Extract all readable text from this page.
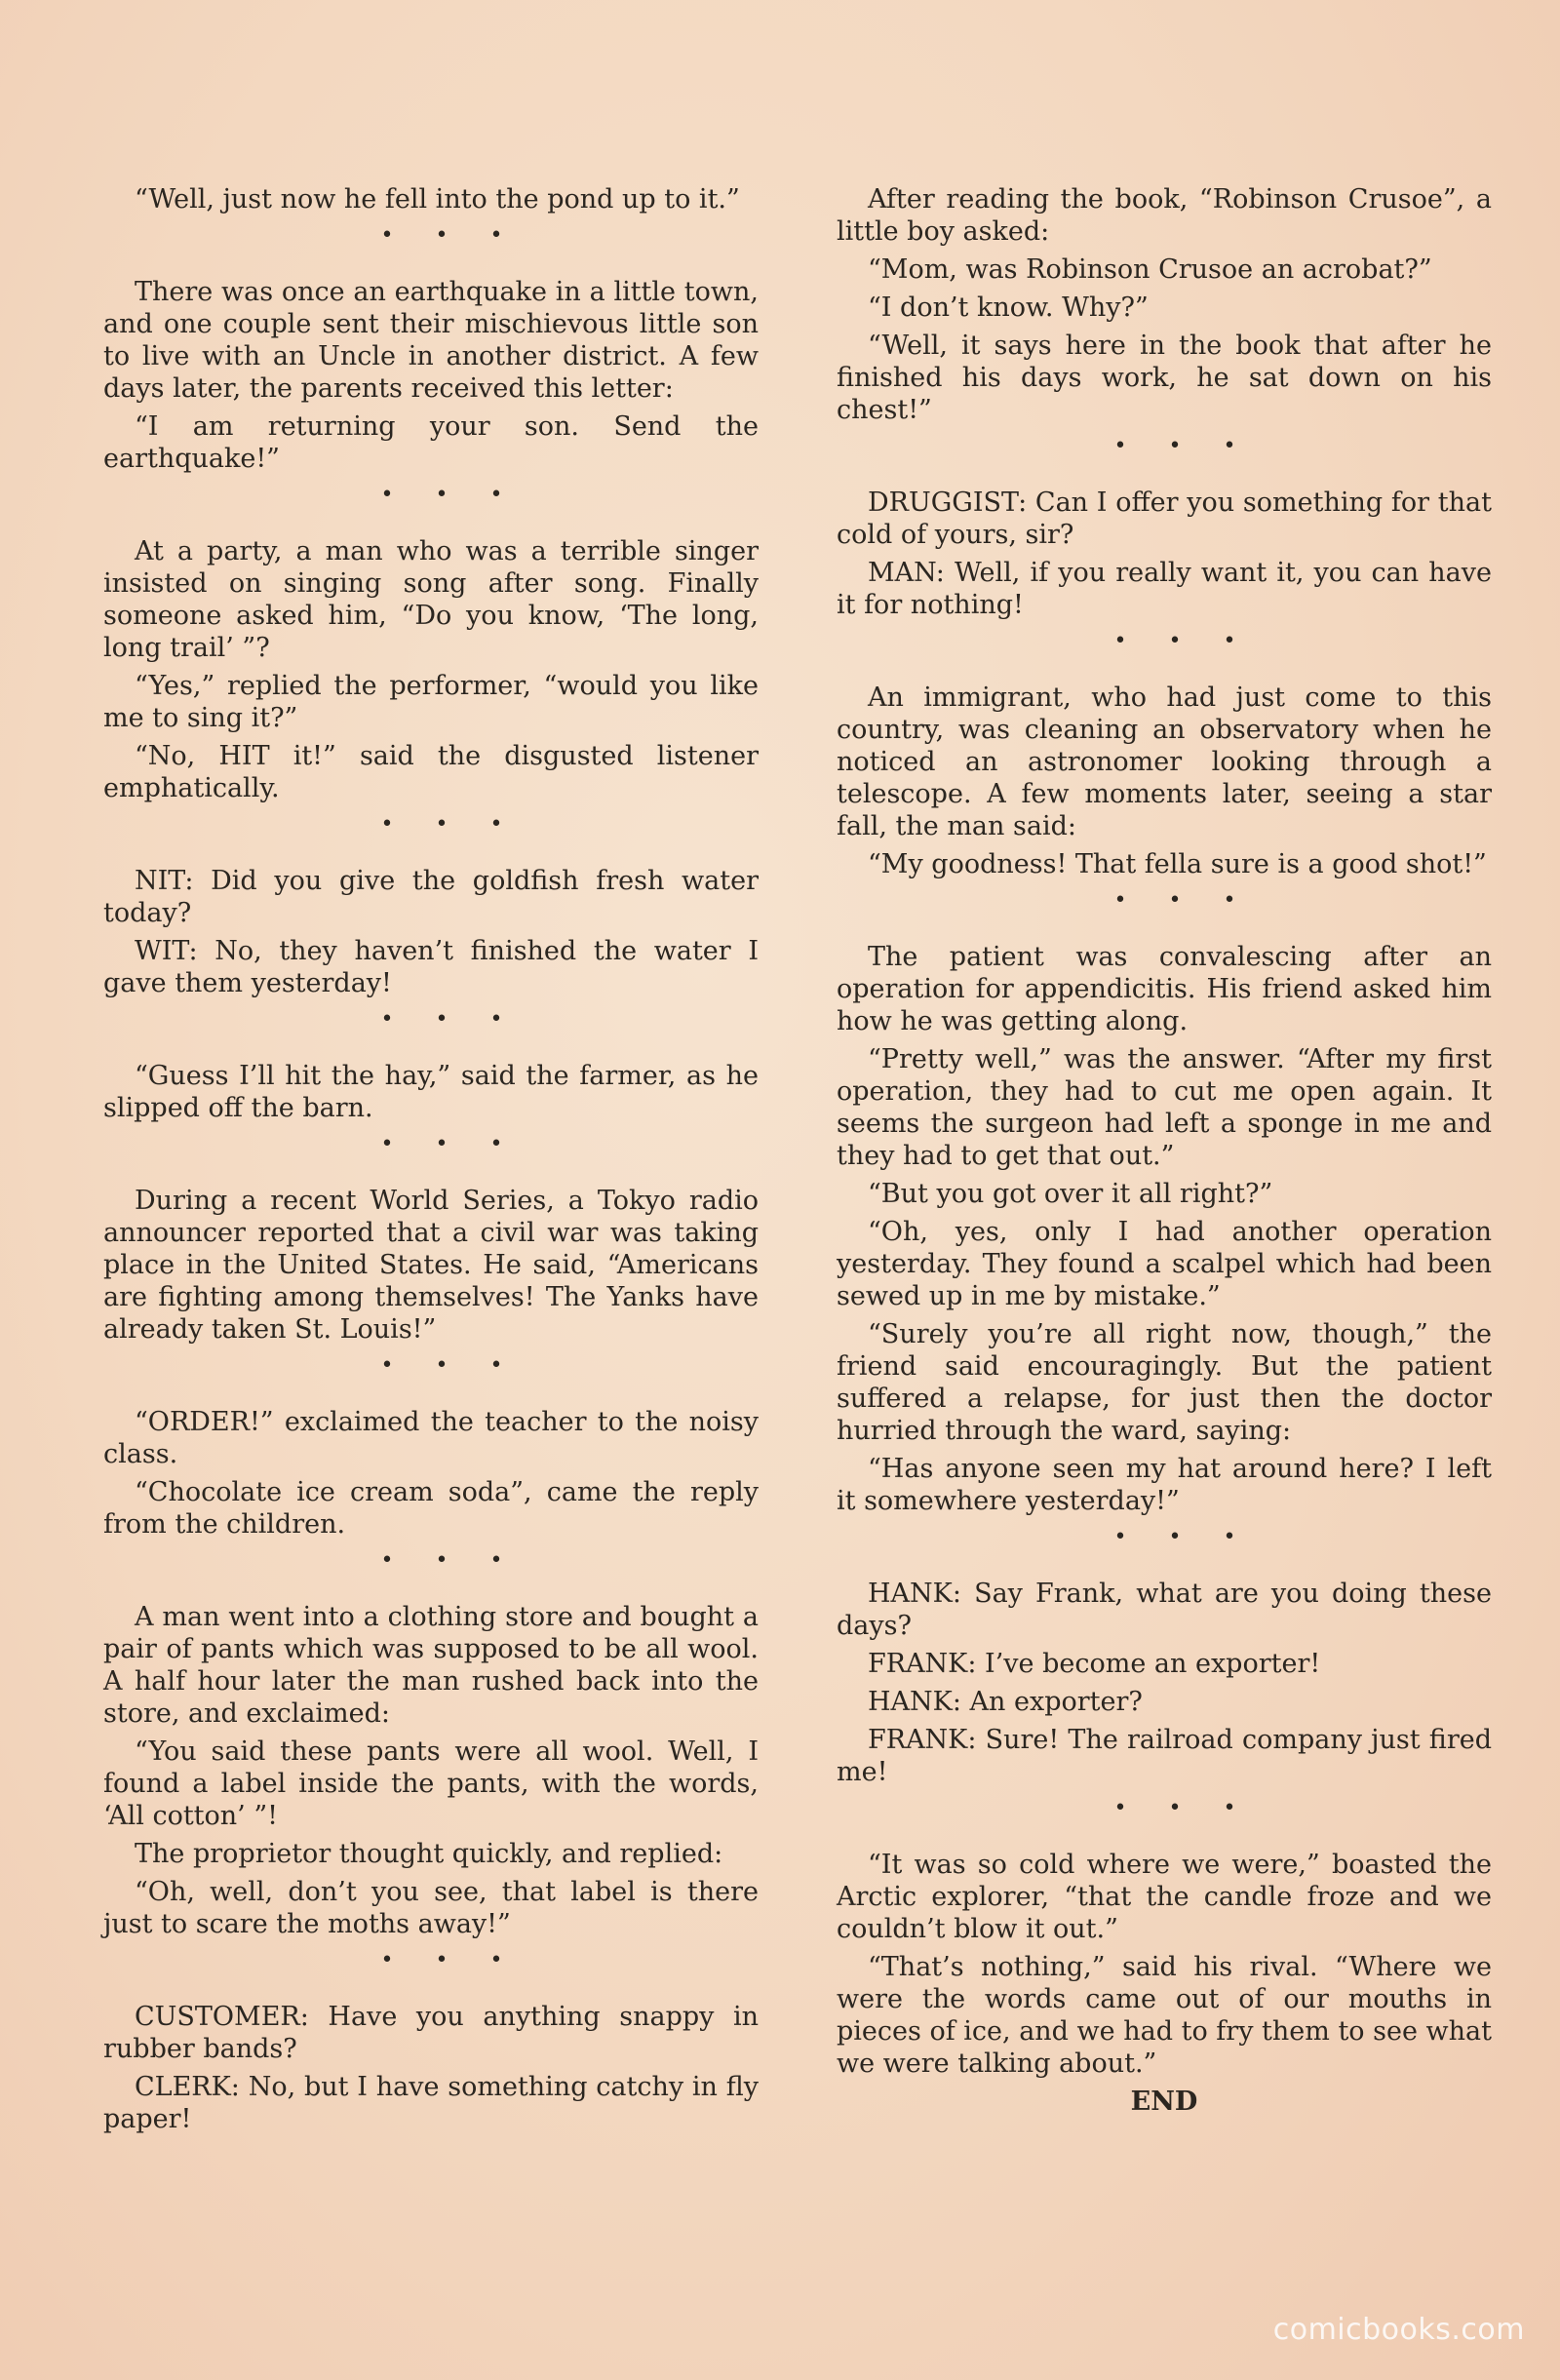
“Well, just now he fell into the pond up to it.”

• • •

There was once an earthquake in a little town, and one couple sent their mischievous little son to live with an Uncle in another district. A few days later, the parents received this letter:

“I am returning your son. Send the earthquake!”

• • •

At a party, a man who was a terrible singer insisted on singing song after song. Finally someone asked him, “Do you know, ‘The long, long trail’ ”?

“Yes,” replied the performer, “would you like me to sing it?”

“No, HIT it!” said the disgusted listener emphatically.

• • •

NIT: Did you give the goldfish fresh water today?

WIT: No, they haven’t finished the water I gave them yesterday!

• • •

“Guess I’ll hit the hay,” said the farmer, as he slipped off the barn.

• • •

During a recent World Series, a Tokyo radio announcer reported that a civil war was taking place in the United States. He said, “Americans are fighting among themselves! The Yanks have already taken St. Louis!”

• • •

“ORDER!” exclaimed the teacher to the noisy class.

“Chocolate ice cream soda”, came the reply from the children.

• • •

A man went into a clothing store and bought a pair of pants which was supposed to be all wool. A half hour later the man rushed back into the store, and exclaimed:

“You said these pants were all wool. Well, I found a label inside the pants, with the words, ‘All cotton’ ”!

The proprietor thought quickly, and replied:

“Oh, well, don’t you see, that label is there just to scare the moths away!”

• • •

CUSTOMER: Have you anything snappy in rubber bands?

CLERK: No, but I have something catchy in fly paper!

After reading the book, “Robinson Crusoe”, a little boy asked:

“Mom, was Robinson Crusoe an acrobat?”

“I don’t know. Why?”

“Well, it says here in the book that after he finished his days work, he sat down on his chest!”

• • •

DRUGGIST: Can I offer you something for that cold of yours, sir?

MAN: Well, if you really want it, you can have it for nothing!

• • •

An immigrant, who had just come to this country, was cleaning an observatory when he noticed an astronomer looking through a telescope. A few moments later, seeing a star fall, the man said:

“My goodness! That fella sure is a good shot!”

• • •

The patient was convalescing after an operation for appendicitis. His friend asked him how he was getting along.

“Pretty well,” was the answer. “After my first operation, they had to cut me open again. It seems the surgeon had left a sponge in me and they had to get that out.”

“But you got over it all right?”

“Oh, yes, only I had another operation yesterday. They found a scalpel which had been sewed up in me by mistake.”

“Surely you’re all right now, though,” the friend said encouragingly. But the patient suffered a relapse, for just then the doctor hurried through the ward, saying:

“Has anyone seen my hat around here? I left it somewhere yesterday!”

• • •

HANK: Say Frank, what are you doing these days?

FRANK: I’ve become an exporter!

HANK: An exporter?

FRANK: Sure! The railroad company just fired me!

• • •

“It was so cold where we were,” boasted the Arctic explorer, “that the candle froze and we couldn’t blow it out.”

“That’s nothing,” said his rival. “Where we were the words came out of our mouths in pieces of ice, and we had to fry them to see what we were talking about.”

END
comicbooks.com
